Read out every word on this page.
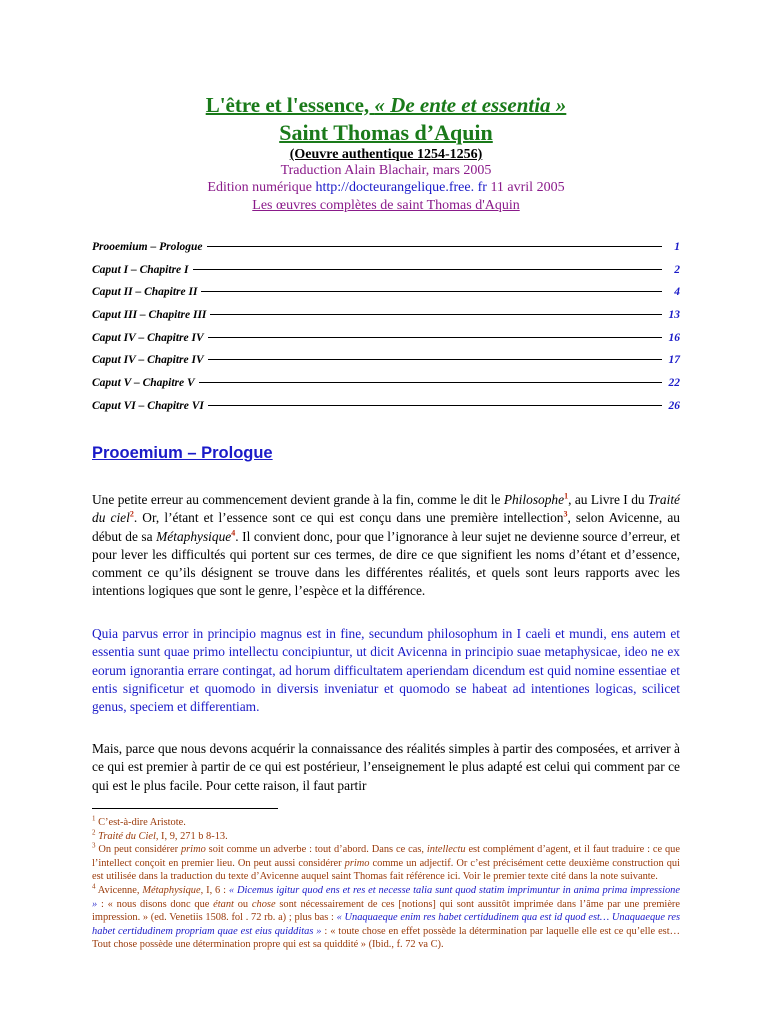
L'être et l'essence, « De ente et essentia »
Saint Thomas d’Aquin
(Oeuvre authentique 1254-1256)
Traduction Alain Blachair, mars 2005
Edition numérique http://docteurangelique.free. fr 11 avril 2005
Les œuvres complètes de saint Thomas d'Aquin
Prooemium – Prologue	1
Caput I – Chapitre I	2
Caput II – Chapitre II	4
Caput III – Chapitre III	13
Caput IV – Chapitre IV	16
Caput IV – Chapitre IV	17
Caput V – Chapitre V	22
Caput VI – Chapitre VI	26
Prooemium – Prologue

Une petite erreur au commencement devient grande à la fin, comme le dit le Philosophe$^1$, au Livre I du Traité du ciel$^2$. Or, l’étant et l’essence sont ce qui est conçu dans une première intellection$^3$, selon Avicenne, au début de sa Métaphysique$^4$. Il convient donc, pour que l’ignorance à leur sujet ne devienne source d’erreur, et pour lever les difficultés qui portent sur ces termes, de dire ce que signifient les noms d’étant et d’essence, comment ce qu’ils désignent se trouve dans les différentes réalités, et quels sont leurs rapports avec les intentions logiques que sont le genre, l’espèce et la différence.

Quia parvus error in principio magnus est in fine, secundum philosophum in I caeli et mundi, ens autem et essentia sunt quae primo intellectu concipiuntur, ut dicit Avicenna in principio suae metaphysicae, ideo ne ex eorum ignorantia errare contingat, ad horum difficultatem aperiendam dicendum est quid nomine essentiae et entis significetur et quomodo in diversis inveniatur et quomodo se habeat ad intentiones logicas, scilicet genus, speciem et differentiam.

Mais, parce que nous devons acquérir la connaissance des réalités simples à partir des composées, et arriver à ce qui est premier à partir de ce qui est postérieur, l’enseignement le plus adapté est celui qui comment par ce qui est le plus facile. Pour cette raison, il faut partir

$^1$ C’est-à-dire Aristote.

$^2$ Traité du Ciel, I, 9, 271 b 8-13.

$^3$ On peut considérer primo soit comme un adverbe : tout d’abord. Dans ce cas, intellectu est complément d’agent, et il faut traduire : ce que l’intellect conçoit en premier lieu. On peut aussi considérer primo comme un adjectif. Or c’est précisément cette deuxième construction qui est utilisée dans la traduction du texte d’Avicenne auquel saint Thomas fait référence ici. Voir le premier texte cité dans la note suivante.

$^4$ Avicenne, Métaphysique, I, 6 : « Dicemus igitur quod ens et res et necesse talia sunt quod statim imprimuntur in anima prima impressione » : « nous disons donc que étant ou chose sont nécessairement de ces [notions] qui sont aussitôt imprimée dans l’âme par une première impression. » (ed. Venetiis 1508. fol . 72 rb. a) ; plus bas : « Unaquaeque enim res habet certidudinem qua est id quod est… Unaquaeque res habet certidudinem propriam quae est eius quidditas » : « toute chose en effet possède la détermination par laquelle elle est ce qu’elle est… Tout chose possède une détermination propre qui est sa quiddité » (Ibid., f. 72 va C).
